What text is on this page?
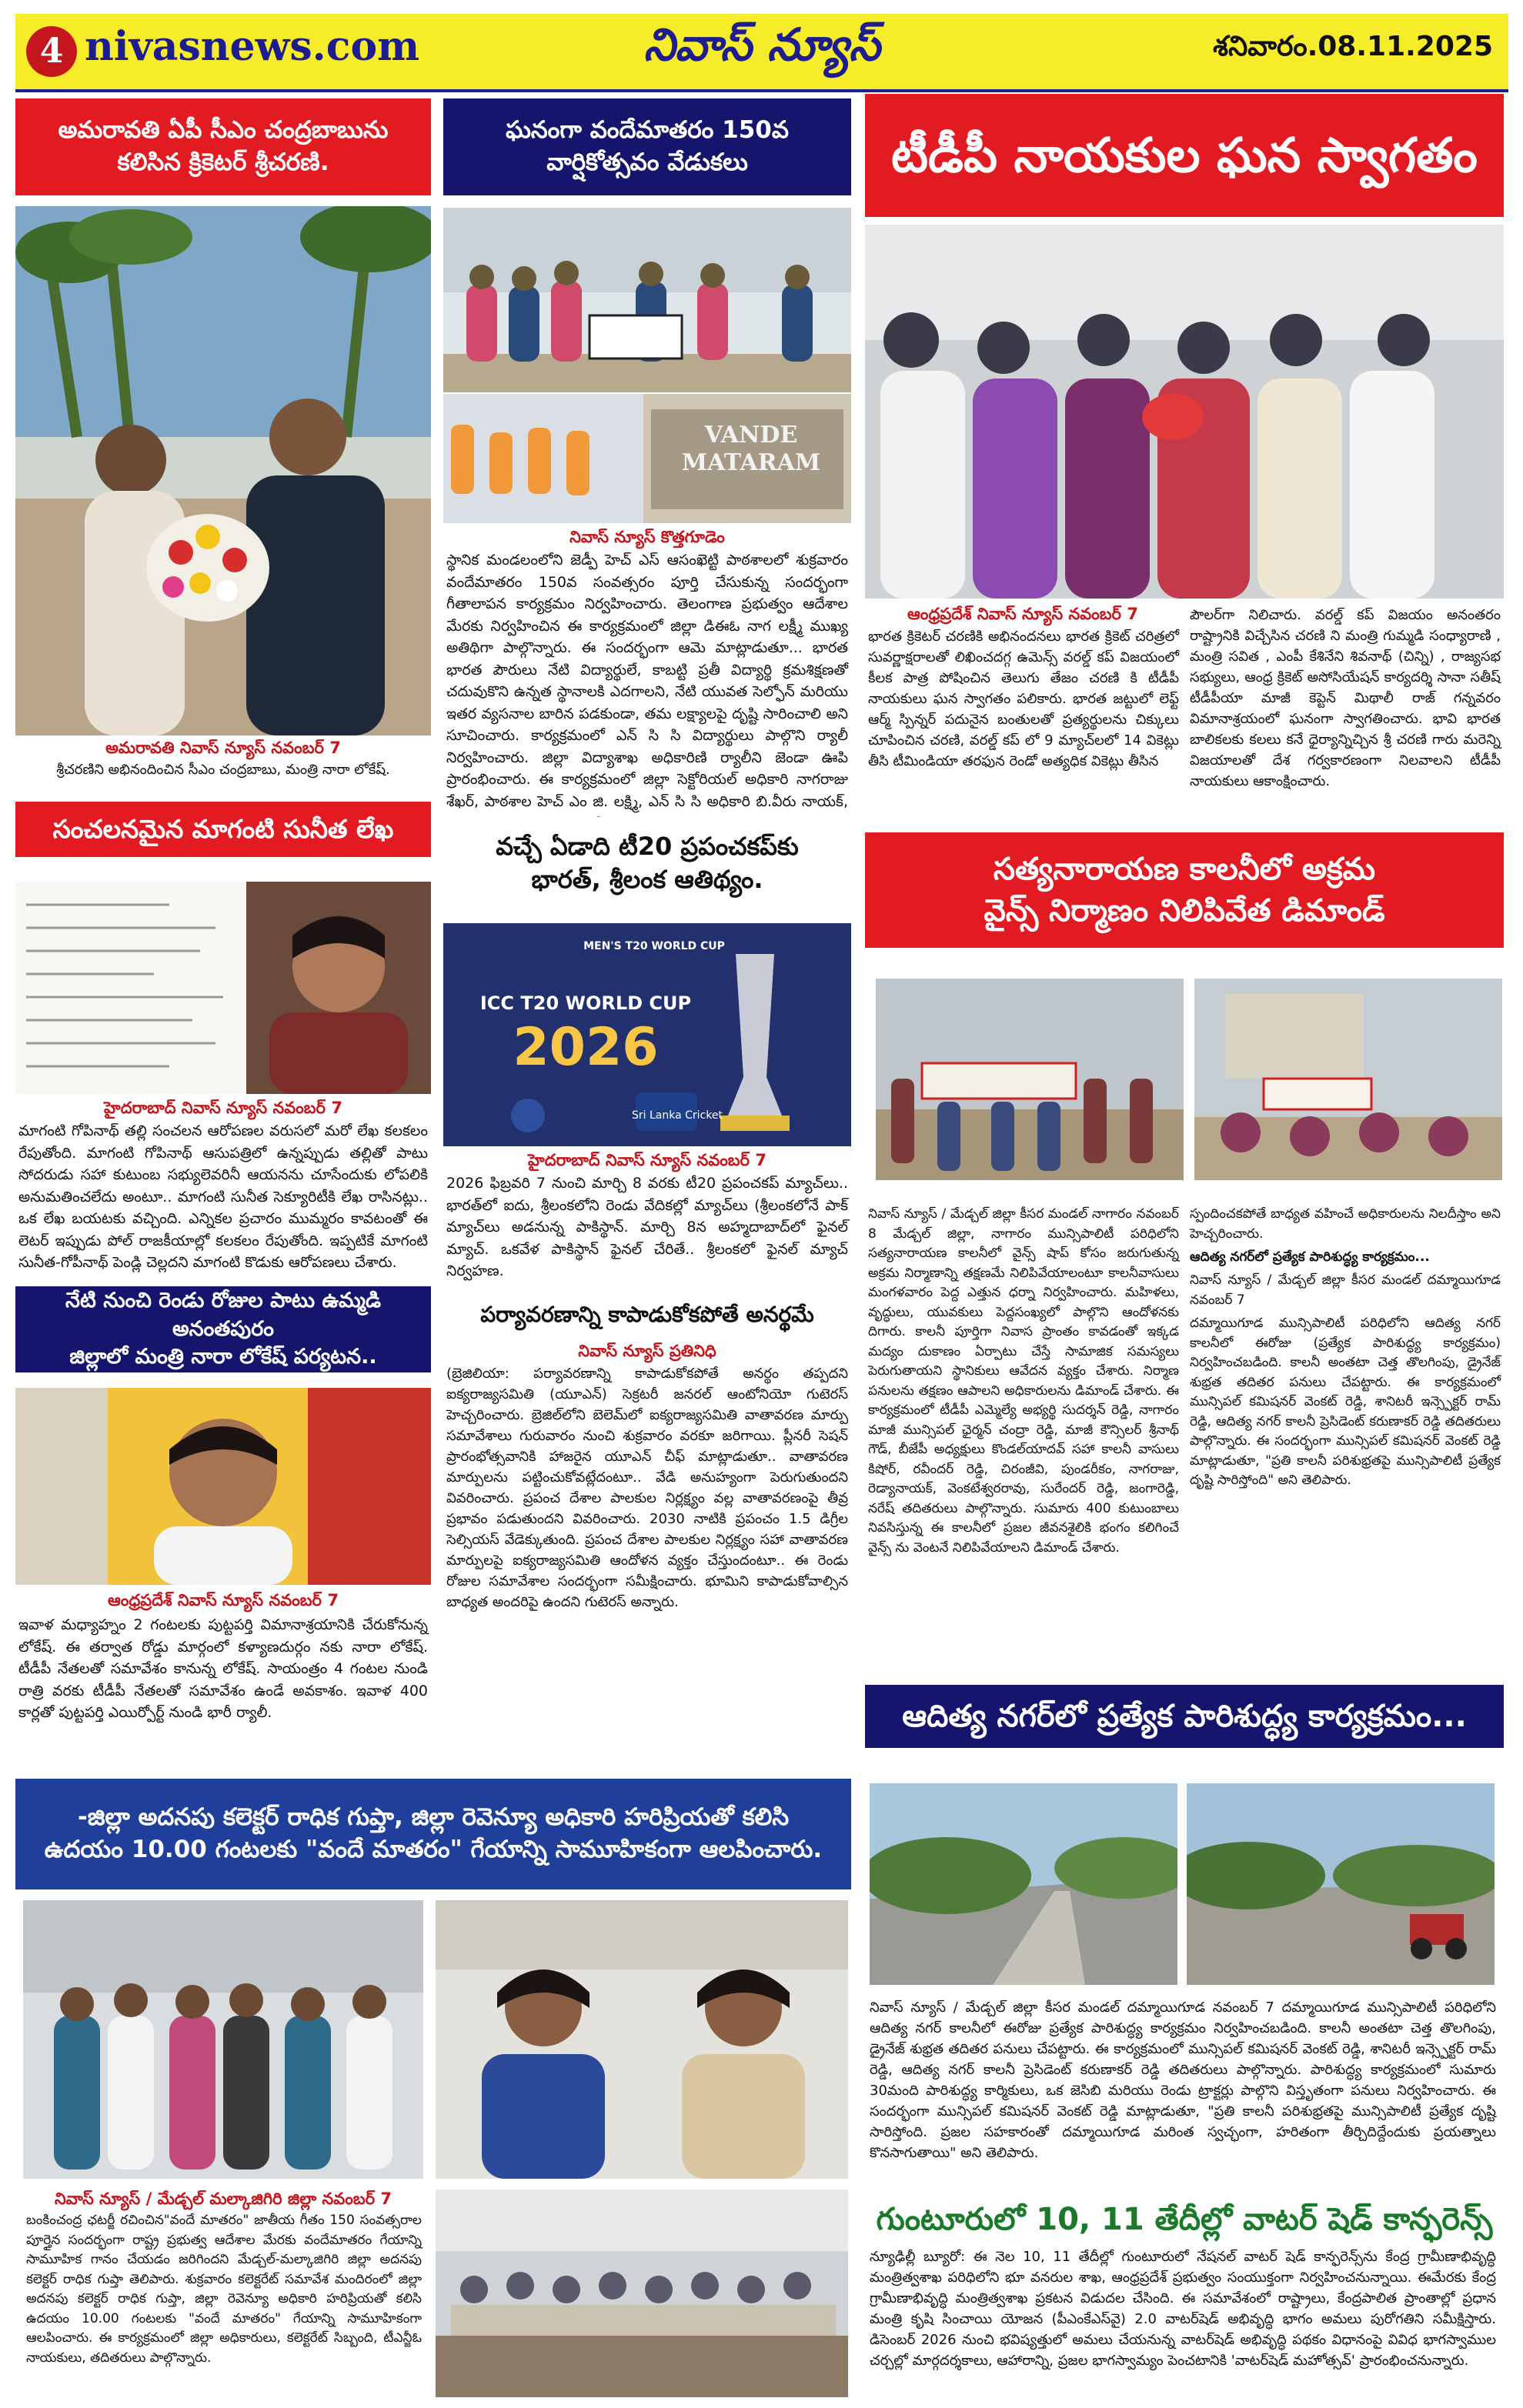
4 nivasnews.com	నివాస్ న్యూస్	శనివారం.08.11.2025
అమరావతి ఏపీ సీఎం చంద్రబాబును
కలిసిన క్రికెటర్ శ్రీచరణి.
అమరావతి నివాస్ న్యూస్ నవంబర్ 7
శ్రీచరణిని అభినందించిన సీఎం చంద్రబాబు, మంత్రి నారా లోకేష్.
సంచలనమైన మాగంటి సునీత లేఖ
హైదరాబాద్ నివాస్ న్యూస్ నవంబర్ 7
మాగంటి గోపినాథ్ తల్లి సంచలన ఆరోపణల వరుసలో మరో లేఖ కలకలం రేపుతోంది. మాగంటి గోపినాథ్ ఆసుపత్రిలో ఉన్నప్పుడు తల్లితో పాటు సోదరుడు సహా కుటుంబ సభ్యులెవరినీ ఆయనను చూసేందుకు లోపలికి అనుమతించలేదు అంటూ.. మాగంటి సునీత సెక్యూరిటీకి లేఖ రాసినట్లు.. ఒక లేఖ బయటకు వచ్చింది. ఎన్నికల ప్రచారం ముమ్మరం కావటంతో ఈ లెటర్ ఇప్పుడు పోల్ రాజకీయాల్లో కలకలం రేపుతోంది. ఇప్పటికే మాగంటి సునీత-గోపీనాథ్ పెండ్లి చెల్లదని మాగంటి కొడుకు ఆరోపణలు చేశారు.
నేటి నుంచి రెండు రోజుల పాటు ఉమ్మడి అనంతపురం
జిల్లాలో మంత్రి నారా లోకేష్ పర్యటన..
ఆంధ్రప్రదేశ్ నివాస్ న్యూస్ నవంబర్ 7
ఇవాళ మధ్యాహ్నం 2 గంటలకు పుట్టపర్తి విమానాశ్రయానికి చేరుకోనున్న లోకేష్. ఈ తర్వాత రోడ్డు మార్గంలో కళ్యాణదుర్గం నకు నారా లోకేష్. టీడీపీ నేతలతో సమావేశం కానున్న లోకేష్. సాయంత్రం 4 గంటల నుండి రాత్రి వరకు టీడీపీ నేతలతో సమావేశం ఉండే అవకాశం. ఇవాళ 400 కార్లతో పుట్టపర్తి ఎయిర్పోర్ట్ నుండి భారీ ర్యాలీ.
ఘనంగా వందేమాతరం 150వ
వార్షికోత్సవం వేడుకలు
VANDE MATARAM
నివాస్ న్యూస్ కొత్తగూడెం
స్థానిక మండలంలోని జెడ్పీ హెచ్ ఎస్ ఆసంఖెట్టి పాఠశాలలో శుక్రవారం వందేమాతరం 150వ సంవత్సరం పూర్తి చేసుకున్న సందర్భంగా గీతాలాపన కార్యక్రమం నిర్వహించారు. తెలంగాణ ప్రభుత్వం ఆదేశాల మేరకు నిర్వహించిన ఈ కార్యక్రమంలో జిల్లా డిఈఓ నాగ లక్ష్మీ ముఖ్య అతిథిగా పాల్గొన్నారు. ఈ సందర్భంగా ఆమె మాట్లాడుతూ... భారత భారత పౌరులు నేటి విద్యార్థులే, కాబట్టి ప్రతీ విద్యార్థి క్రమశిక్షణతో చదువుకొని ఉన్నత స్థానాలకి ఎదగాలని, నేటి యువత సెల్ఫోన్ మరియు ఇతర వ్యసనాల బారిన పడకుండా, తమ లక్ష్యాలపై దృష్టి సారించాలి అని సూచించారు. కార్యక్రమంలో ఎన్ సి సి విద్యార్థులు పాల్గొని ర్యాలీ నిర్వహించారు. జిల్లా విద్యాశాఖ అధికారిణి ర్యాలీని జెండా ఊపి ప్రారంభించారు. ఈ కార్యక్రమంలో జిల్లా సెక్టోరియల్ అధికారి నాగరాజు శేఖర్, పాఠశాల హెచ్ ఎం జి. లక్ష్మి, ఎన్ సి సి అధికారి బి.వీరు నాయక్,
వచ్చే ఏడాది టీ20 ప్రపంచకప్‌కు
భారత్, శ్రీలంక ఆతిథ్యం.
MEN'S T20 WORLD CUP
ICC T20 WORLD CUP
2026
Sri Lanka Cricket
హైదరాబాద్ నివాస్ న్యూస్ నవంబర్ 7
2026 ఫిబ్రవరి 7 నుంచి మార్చి 8 వరకు టీ20 ప్రపంచకప్ మ్యాచ్‌లు.. భారత్‌లో ఐదు, శ్రీలంకలోని రెండు వేదికల్లో మ్యాచ్‌లు (శ్రీలంకలోనే పాక్ మ్యాచ్‌లు అడనున్న పాకిస్థాన్. మార్చి 8న అహ్మదాబాద్‌లో ఫైనల్ మ్యాచ్. ఒకవేళ పాకిస్థాన్ ఫైనల్ చేరితే.. శ్రీలంకలో ఫైనల్ మ్యాచ్ నిర్వహణ.
పర్యావరణాన్ని కాపాడుకోకపోతే అనర్థమే
నివాస్ న్యూస్ ప్రతినిధి
(బ్రెజిలియా: పర్యావరణాన్ని కాపాడుకోకపోతే అనర్థం తప్పదని ఐక్యరాజ్యసమితి (యూఎన్) సెక్రటరీ జనరల్ ఆంటోనియో గుటెరస్ హెచ్చరించారు. బ్రెజిల్‌లోని బెలెమ్‌లో ఐక్యరాజ్యసమితి వాతావరణ మార్పు సమావేశాలు గురువారం నుంచి శుక్రవారం వరకూ జరిగాయి. ప్లీనరీ సెషన్ ప్రారంభోత్సవానికి హాజరైన యూఎన్ చీఫ్ మాట్లాడుతూ.. వాతావరణ మార్పులను పట్టించుకోవట్లేదంటూ.. వేడి అనుహ్యంగా పెరుగుతుందని వివరించారు. ప్రపంచ దేశాల పాలకుల నిర్లక్ష్యం వల్ల వాతావరణంపై తీవ్ర ప్రభావం పడుతుందని వివరించారు. 2030 నాటికి ప్రపంచం 1.5 డిగ్రీల సెల్సియస్ వేడెక్కుతుంది. ప్రపంచ దేశాల పాలకుల నిర్లక్ష్యం సహా వాతావరణ మార్పులపై ఐక్యరాజ్యసమితి ఆందోళన వ్యక్తం చేస్తుందంటూ.. ఈ రెండు రోజుల సమావేశాల సందర్భంగా సమీక్షించారు. భూమిని కాపాడుకోవాల్సిన బాధ్యత అందరిపై ఉందని గుటెరస్ అన్నారు.
టీడీపీ నాయకుల ఘన స్వాగతం
ఆంధ్రప్రదేశ్ నివాస్ న్యూస్ నవంబర్ 7
భారత క్రికెటర్ చరణికి అభినందనలు భారత క్రికెట్ చరిత్రలో సువర్ణాక్షరాలతో లిఖించదగ్గ ఉమెన్స్ వరల్డ్ కప్ విజయంలో కీలక పాత్ర పోషించిన తెలుగు తేజం చరణి కి టీడీపీ నాయకులు ఘన స్వాగతం పలికారు. భారత జట్టులో లెఫ్ట్ ఆర్మ్ స్పిన్నర్ పదునైన బంతులతో ప్రత్యర్థులను చిక్కులు చూపించిన చరణి, వరల్డ్ కప్ లో 9 మ్యాచ్‌లలో 14 వికెట్లు తీసి టీమిండియా తరఫున రెండో అత్యధిక వికెట్లు తీసిన
పౌలర్‌గా నిలిచారు. వరల్డ్ కప్ విజయం అనంతరం రాష్ట్రానికి విచ్చేసిన చరణి ని మంత్రి గుమ్మడి సంధ్యారాణి , మంత్రి సవిత , ఎంపీ కేశినేని శివనాథ్ (చిన్ని) , రాజ్యసభ సభ్యులు, ఆంధ్ర క్రికెట్ అసోసియేషన్ కార్యదర్శి సానా సతీష్ టీడీపీయా మాజీ కెప్టెన్ మిథాలీ రాజ్ గన్నవరం విమానాశ్రయంలో ఘనంగా స్వాగతించారు. భావి భారత బాలికలకు కలలు కనే ధైర్యాన్నిచ్చిన శ్రీ చరణి గారు మరెన్ని విజయాలతో దేశ గర్వకారణంగా నిలవాలని టీడీపీ నాయకులు ఆకాంక్షించారు.
సత్యనారాయణ కాలనీలో అక్రమ
వైన్స్ నిర్మాణం నిలిపివేత డిమాండ్
నివాస్ న్యూస్ / మేడ్చల్ జిల్లా కీసర మండల్ నాగారం నవంబర్ 8 మేడ్చల్ జిల్లా, నాగారం మున్సిపాలిటీ పరిధిలోని సత్యనారాయణ కాలనీలో వైన్స్ షాప్ కోసం జరుగుతున్న అక్రమ నిర్మాణాన్ని తక్షణమే నిలిపివేయాలంటూ కాలనీవాసులు మంగళవారం పెద్ద ఎత్తున ధర్నా నిర్వహించారు. మహిళలు, వృద్ధులు, యువకులు పెద్దసంఖ్యలో పాల్గొని ఆందోళనకు దిగారు. కాలనీ పూర్తిగా నివాస ప్రాంతం కావడంతో ఇక్కడ మద్యం దుకాణం ఏర్పాటు చేస్తే సామాజిక సమస్యలు పెరుగుతాయని స్థానికులు ఆవేదన వ్యక్తం చేశారు. నిర్మాణ పనులను తక్షణం ఆపాలని అధికారులను డిమాండ్ చేశారు. ఈ కార్యక్రమంలో టీడీపీ ఎమ్మెల్యే అభ్యర్థి సుదర్శన్ రెడ్డి, నాగారం మాజీ మున్సిపల్ ఛైర్మన్ చంద్రా రెడ్డి, మాజీ కౌన్సిలర్ శ్రీనాథ్ గౌడ్, బీజేపీ అధ్యక్షులు కొండల్‌యాదవ్ సహా కాలనీ వాసులు కిషోర్, రవీందర్ రెడ్డి, చిరంజీవి, పుండరీకం, నాగరాజు, రెడ్యానాయక్, వెంకటేశ్వరరావు, సురేందర్ రెడ్డి, జంగారెడ్డి, నరేష్ తదితరులు పాల్గొన్నారు. సుమారు 400 కుటుంబాలు నివసిస్తున్న ఈ కాలనీలో ప్రజల జీవనశైలికి భంగం కలిగించే వైన్స్ ను వెంటనే నిలిపివేయాలని డిమాండ్ చేశారు.
స్పందించకపోతే బాధ్యత వహించే అధికారులను నిలదీస్తాం అని హెచ్చరించారు.
ఆదిత్య నగర్‌లో ప్రత్యేక పారిశుద్ధ్య కార్యక్రమం...
నివాస్ న్యూస్ / మేడ్చల్ జిల్లా కీసర మండల్ దమ్మాయిగూడ నవంబర్ 7
దమ్మాయిగూడ మున్సిపాలిటీ పరిధిలోని ఆదిత్య నగర్ కాలనీలో ఈరోజు (ప్రత్యేక పారిశుద్ధ్య కార్యక్రమం) నిర్వహించబడింది. కాలనీ అంతటా చెత్త తొలగింపు, డ్రైనేజ్ శుభ్రత తదితర పనులు చేపట్టారు. ఈ కార్యక్రమంలో మున్సిపల్ కమిషనర్ వెంకట్ రెడ్డి, శానిటరీ ఇన్స్పెక్టర్ రామ్ రెడ్డి, ఆదిత్య నగర్ కాలనీ ప్రెసిడెంట్ కరుణాకర్ రెడ్డి తదితరులు పాల్గొన్నారు. ఈ సందర్భంగా మున్సిపల్ కమిషనర్ వెంకట్ రెడ్డి మాట్లాడుతూ, "ప్రతి కాలనీ పరిశుభ్రతపై మున్సిపాలిటీ ప్రత్యేక దృష్టి సారిస్తోంది" అని తెలిపారు.
ఆదిత్య నగర్‌లో ప్రత్యేక పారిశుద్ధ్య కార్యక్రమం...
నివాస్ న్యూస్ / మేడ్చల్ జిల్లా కీసర మండల్ దమ్మాయిగూడ నవంబర్ 7 దమ్మాయిగూడ మున్సిపాలిటీ పరిధిలోని ఆదిత్య నగర్ కాలనీలో ఈరోజు ప్రత్యేక పారిశుద్ధ్య కార్యక్రమం నిర్వహించబడింది. కాలనీ అంతటా చెత్త తొలగింపు, డ్రైనేజ్ శుభ్రత తదితర పనులు చేపట్టారు. ఈ కార్యక్రమంలో మున్సిపల్ కమిషనర్ వెంకట్ రెడ్డి, శానిటరీ ఇన్స్పెక్టర్ రామ్ రెడ్డి, ఆదిత్య నగర్ కాలనీ ప్రెసిడెంట్ కరుణాకర్ రెడ్డి తదితరులు పాల్గొన్నారు. పారిశుద్ధ్య కార్యక్రమంలో సుమారు 30మంది పారిశుద్ధ్య కార్మికులు, ఒక జెసిబి మరియు రెండు ట్రాక్టర్లు పాల్గొని విస్తృతంగా పనులు నిర్వహించారు. ఈ సందర్భంగా మున్సిపల్ కమిషనర్ వెంకట్ రెడ్డి మాట్లాడుతూ, "ప్రతి కాలనీ పరిశుభ్రతపై మున్సిపాలిటీ ప్రత్యేక దృష్టి సారిస్తోంది. ప్రజల సహకారంతో దమ్మాయిగూడ మరింత స్వచ్ఛంగా, హరితంగా తీర్చిదిద్దేందుకు ప్రయత్నాలు కొనసాగుతాయి" అని తెలిపారు.
గుంటూరులో 10, 11 తేదీల్లో వాటర్ షెడ్ కాన్ఫరెన్స్
న్యూఢిల్లీ బ్యూరో: ఈ నెల 10, 11 తేదీల్లో గుంటూరులో నేషనల్ వాటర్ షెడ్ కాన్ఫరెన్స్‌ను కేంద్ర గ్రామీణాభివృద్ధి మంత్రిత్వశాఖ పరిధిలోని భూ వనరుల శాఖ, ఆంధ్రప్రదేశ్ ప్రభుత్వం సంయుక్తంగా నిర్వహించనున్నాయి. ఈమేరకు కేంద్ర గ్రామీణాభివృద్ధి మంత్రిత్వశాఖ ప్రకటన విడుదల చేసింది. ఈ సమావేశంలో రాష్ట్రాలు, కేంద్రపాలిత ప్రాంతాల్లో ప్రధాన మంత్రి కృషి సించాయి యోజన (పీఎంకేఎస్‌వై) 2.0 వాటర్‌షెడ్ అభివృద్ధి భాగం అమలు పురోగతిని సమీక్షిస్తారు. డిసెంబర్ 2026 నుంచి భవిష్యత్తులో అమలు చేయనున్న వాటర్‌షెడ్ అభివృద్ధి పథకం విధానంపై వివిధ భాగస్వాముల చర్చల్లో మార్గదర్శకాలు, ఆహారాన్ని, ప్రజల భాగస్వామ్యం పెంచటానికి 'వాటర్‌షెడ్ మహోత్సవ్' ప్రారంభించనున్నారు.
-జిల్లా అదనపు కలెక్టర్ రాధిక గుప్తా, జిల్లా రెవెన్యూ అధికారి హరిప్రియతో కలిసి
ఉదయం 10.00 గంటలకు "వందే మాతరం" గేయాన్ని సామూహికంగా ఆలపించారు.
నివాస్ న్యూస్ / మేడ్చల్ మల్కాజిగిరి జిల్లా నవంబర్ 7
బంకించంద్ర ఛటర్జీ రచించిన"వందే మాతరం" జాతీయ గీతం 150 సంవత్సరాల పూర్తైన సందర్భంగా రాష్ట్ర ప్రభుత్వ ఆదేశాల మేరకు వందేమాతరం గేయాన్ని సామూహిక గానం చేయడం జరిగిందని మేడ్చల్-మల్కాజిగిరి జిల్లా అదనపు కలెక్టర్ రాధిక గుప్తా తెలిపారు. శుక్రవారం కలెక్టరేట్ సమావేశ మందిరంలో జిల్లా అదనపు కలెక్టర్ రాధిక గుప్తా, జిల్లా రెవెన్యూ అధికారి హరిప్రియతో కలిసి ఉదయం 10.00 గంటలకు "వందే మాతరం" గేయాన్ని సామూహికంగా ఆలపించారు. ఈ కార్యక్రమంలో జిల్లా అధికారులు, కలెక్టరేట్ సిబ్బంది, టీఎన్జీఓ నాయకులు, తదితరులు పాల్గొన్నారు.
